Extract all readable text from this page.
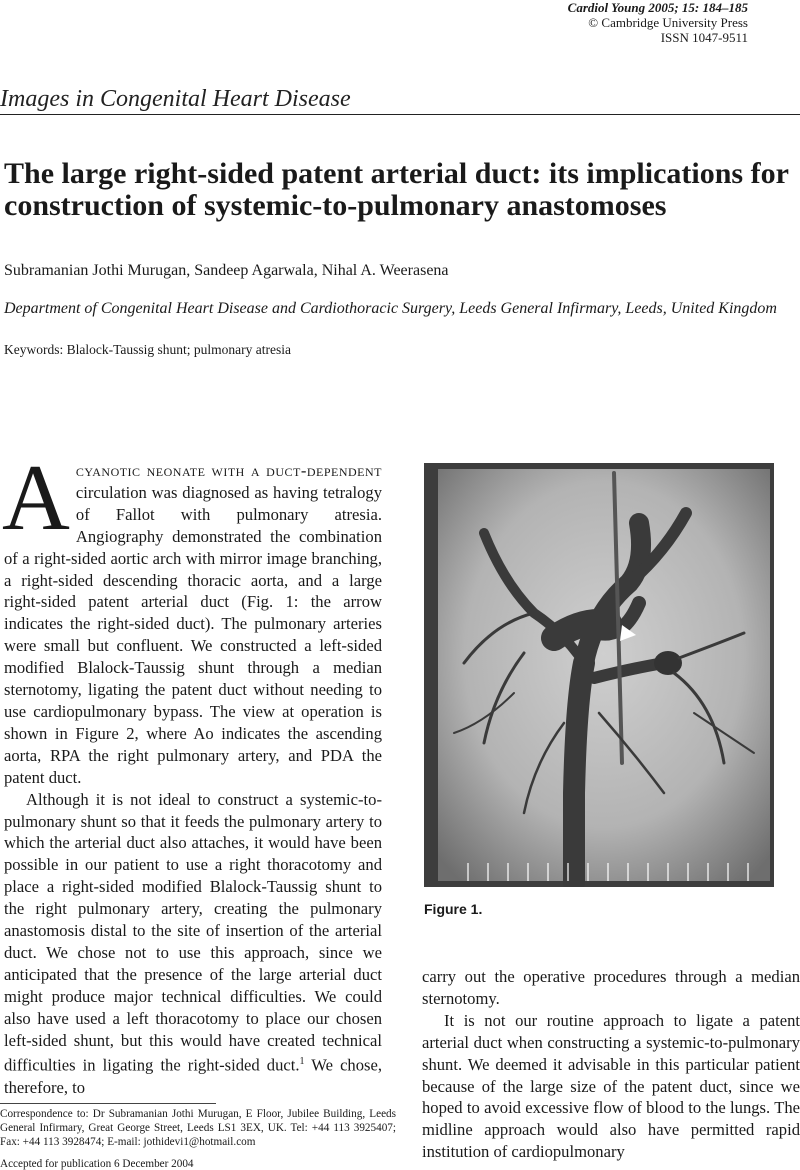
Cardiol Young 2005; 15: 184–185
© Cambridge University Press
ISSN 1047-9511
Images in Congenital Heart Disease
The large right-sided patent arterial duct: its implications for construction of systemic-to-pulmonary anastomoses
Subramanian Jothi Murugan, Sandeep Agarwala, Nihal A. Weerasena
Department of Congenital Heart Disease and Cardiothoracic Surgery, Leeds General Infirmary, Leeds, United Kingdom
Keywords: Blalock-Taussig shunt; pulmonary atresia

Acyanotic neonate with a duct-dependent circulation was diagnosed as having tetralogy of Fallot with pulmonary atresia. Angiography demonstrated the combination of a right-sided aortic arch with mirror image branching, a right-sided descending thoracic aorta, and a large right-sided patent arterial duct (Fig. 1: the arrow indicates the right-sided duct). The pulmonary arteries were small but confluent. We constructed a left-sided modified Blalock-Taussig shunt through a median sternotomy, ligating the patent duct without needing to use cardiopulmonary bypass. The view at operation is shown in Figure 2, where Ao indicates the ascending aorta, RPA the right pulmonary artery, and PDA the patent duct.

Although it is not ideal to construct a systemic-to-pulmonary shunt so that it feeds the pulmonary artery to which the arterial duct also attaches, it would have been possible in our patient to use a right thoracotomy and place a right-sided modified Blalock-Taussig shunt to the right pulmonary artery, creating the pulmonary anastomosis distal to the site of insertion of the arterial duct. We chose not to use this approach, since we anticipated that the presence of the large arterial duct might produce major technical difficulties. We could also have used a left thoracotomy to place our chosen left-sided shunt, but this would have created technical difficulties in ligating the right-sided duct.$^1$ We chose, therefore, to

Figure 1.

carry out the operative procedures through a median sternotomy.

It is not our routine approach to ligate a patent arterial duct when constructing a systemic-to-pulmonary shunt. We deemed it advisable in this particular patient because of the large size of the patent duct, since we hoped to avoid excessive flow of blood to the lungs. The midline approach would also have permitted rapid institution of cardiopulmonary

Correspondence to: Dr Subramanian Jothi Murugan, E Floor, Jubilee Building, Leeds General Infirmary, Great George Street, Leeds LS1 3EX, UK. Tel: +44 113 3925407; Fax: +44 113 3928474; E-mail: jothidevi1@hotmail.com
Accepted for publication 6 December 2004
